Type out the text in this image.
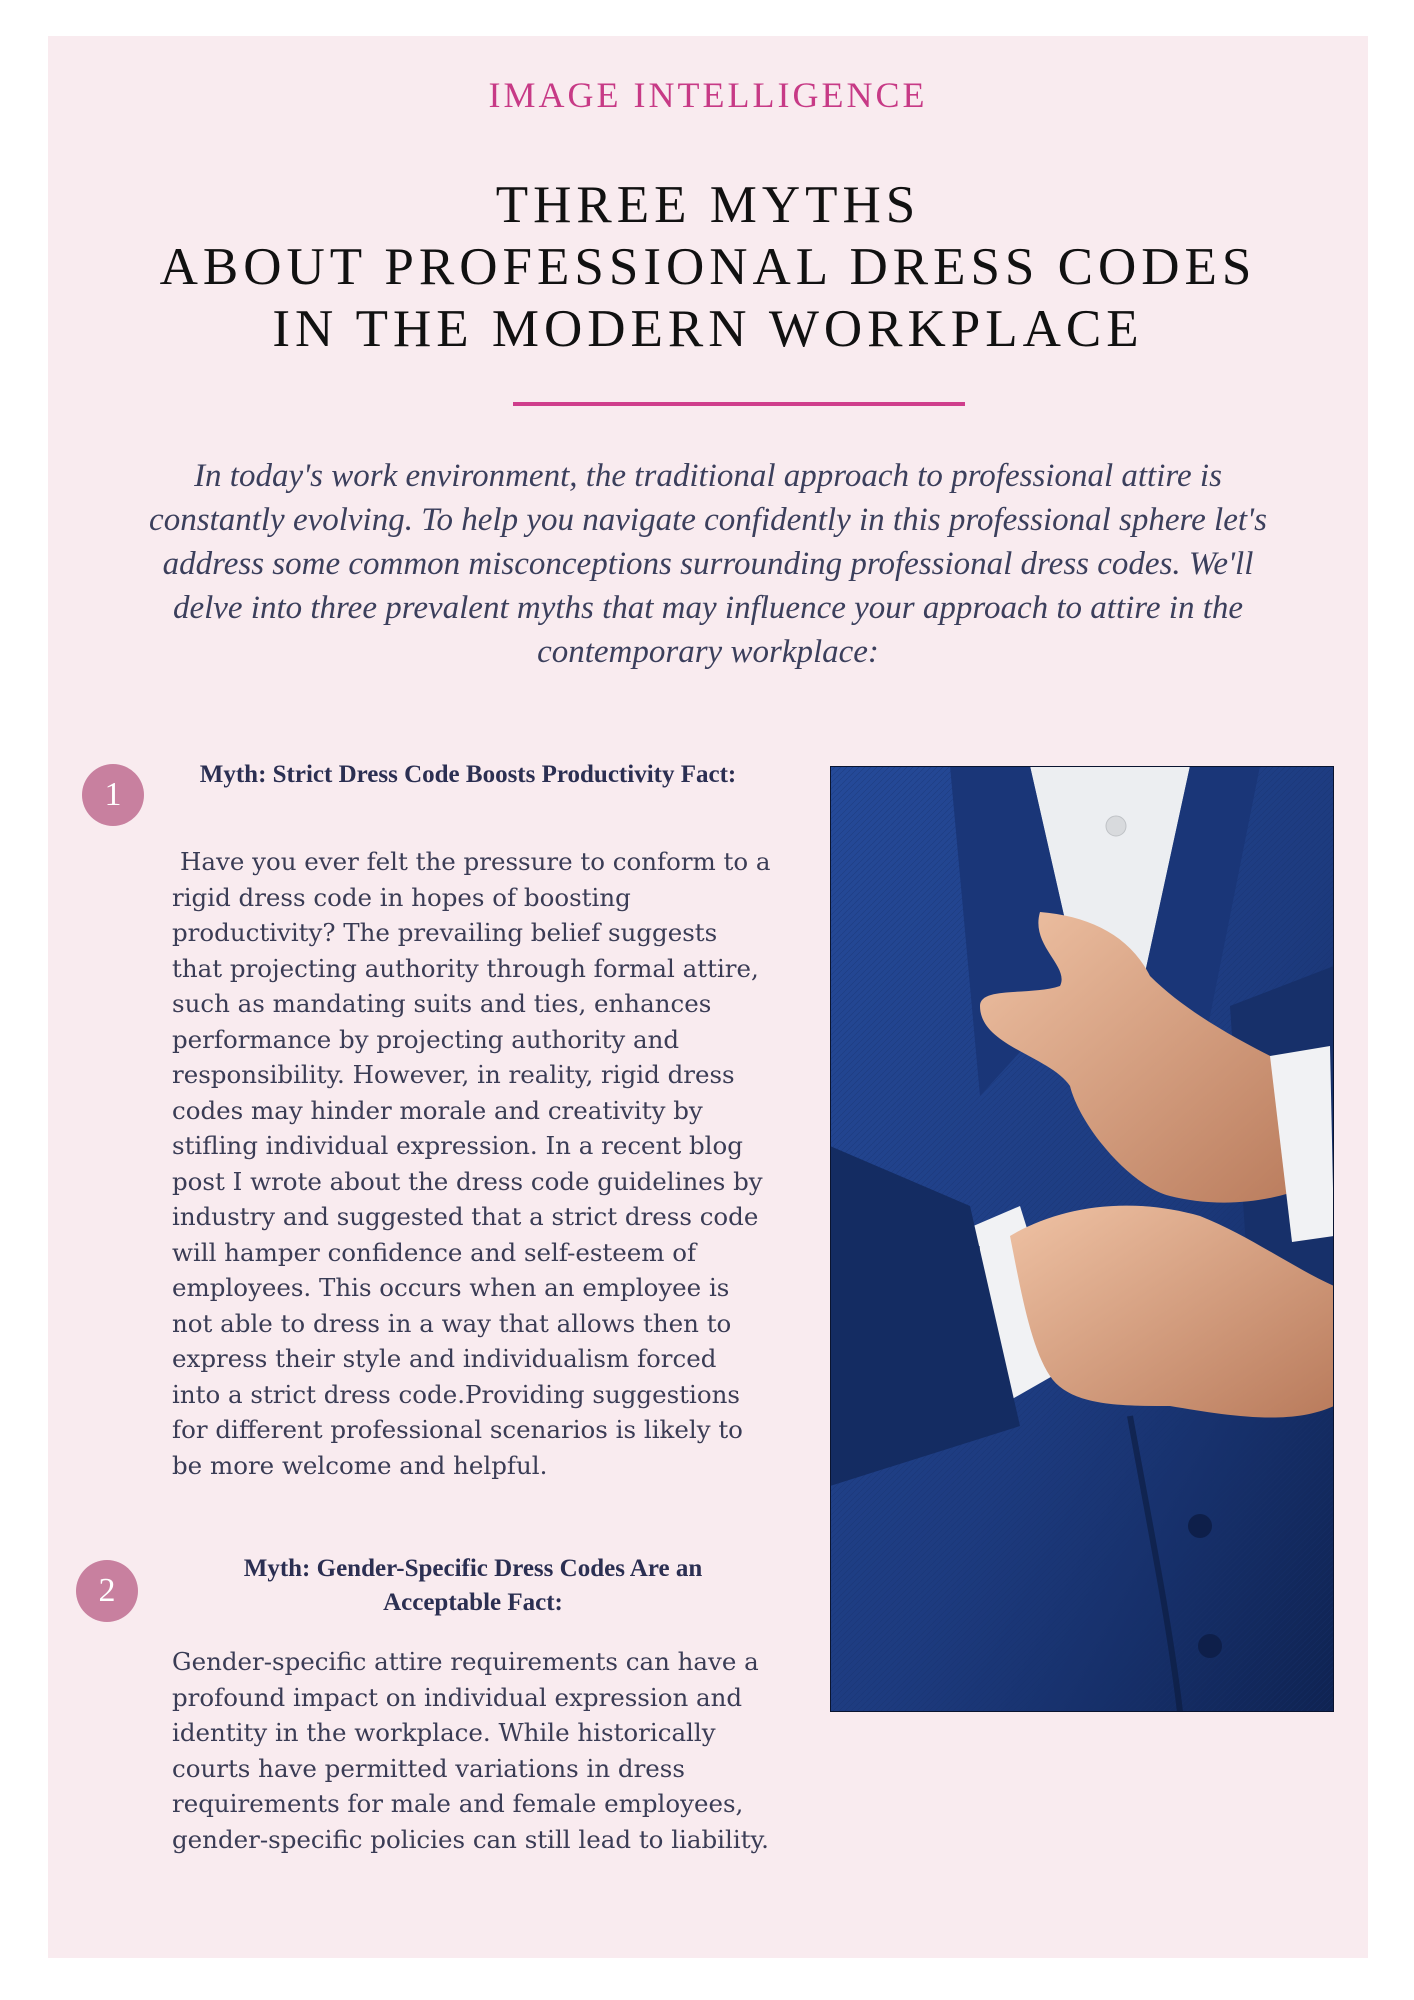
IMAGE INTELLIGENCE
THREE MYTHS
ABOUT PROFESSIONAL DRESS CODES
IN THE MODERN WORKPLACE
In today's work environment, the traditional approach to professional attire is constantly evolving. To help you navigate confidently in this professional sphere let's address some common misconceptions surrounding professional dress codes. We'll delve into three prevalent myths that may influence your approach to attire in the contemporary workplace:
1
Myth: Strict Dress Code Boosts Productivity Fact:
Have you ever felt the pressure to conform to a rigid dress code in hopes of boosting productivity? The prevailing belief suggests that projecting authority through formal attire, such as mandating suits and ties, enhances performance by projecting authority and responsibility. However, in reality, rigid dress codes may hinder morale and creativity by stifling individual expression. In a recent blog post I wrote about the dress code guidelines by industry and suggested that a strict dress code will hamper confidence and self-esteem of employees. This occurs when an employee is not able to dress in a way that allows then to express their style and individualism forced into a strict dress code.Providing suggestions for different professional scenarios is likely to be more welcome and helpful.
2
Myth: Gender-Specific Dress Codes Are an Acceptable Fact:
Gender-specific attire requirements can have a profound impact on individual expression and identity in the workplace. While historically courts have permitted variations in dress requirements for male and female employees, gender-specific policies can still lead to liability.
